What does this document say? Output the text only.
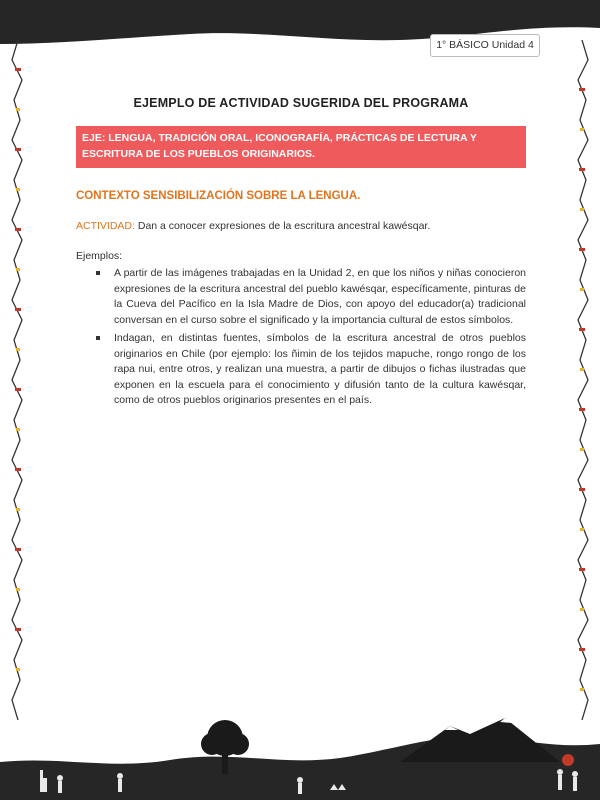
1° BÁSICO Unidad 4
EJEMPLO DE ACTIVIDAD SUGERIDA DEL PROGRAMA
EJE: LENGUA, TRADICIÓN ORAL, ICONOGRAFÍA, PRÁCTICAS DE LECTURA Y ESCRITURA DE LOS PUEBLOS ORIGINARIOS.
CONTEXTO SENSIBILIZACIÓN SOBRE LA LENGUA.
ACTIVIDAD: Dan a conocer expresiones de la escritura ancestral kawésqar.
Ejemplos:
A partir de las imágenes trabajadas en la Unidad 2, en que los niños y niñas conocieron expresiones de la escritura ancestral del pueblo kawésqar, específicamente, pinturas de la Cueva del Pacífico en la Isla Madre de Dios, con apoyo del educador(a) tradicional conversan en el curso sobre el significado y la importancia cultural de estos símbolos.
Indagan, en distintas fuentes, símbolos de la escritura ancestral de otros pueblos originarios en Chile (por ejemplo: los ñimin de los tejidos mapuche, rongo rongo de los rapa nui, entre otros, y realizan una muestra, a partir de dibujos o fichas ilustradas que exponen en la escuela para el conocimiento y difusión tanto de la cultura kawésqar, como de otros pueblos originarios presentes en el país.
